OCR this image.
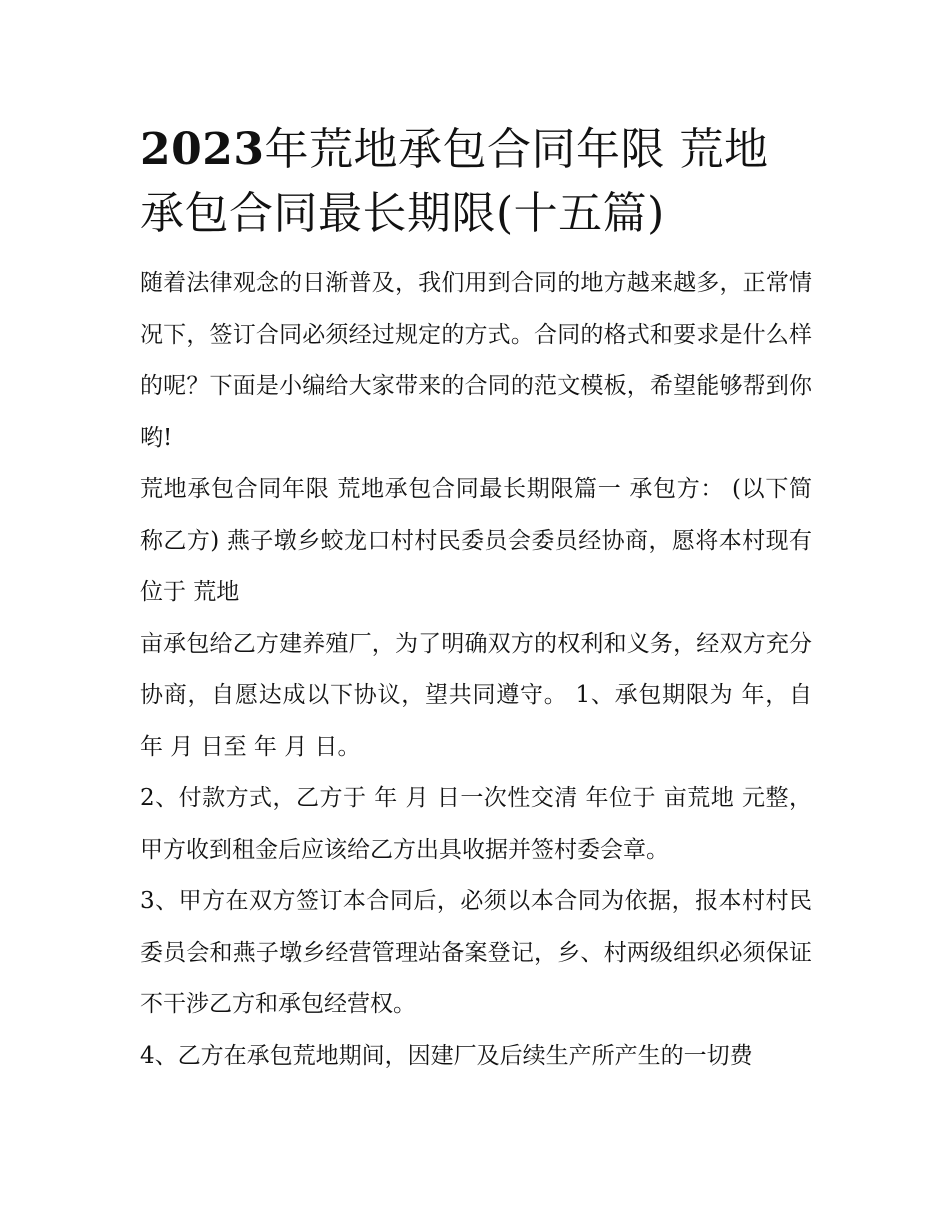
2023年荒地承包合同年限 荒地承包合同最长期限(十五篇)

随着法律观念的日渐普及，我们用到合同的地方越来越多，正常情况下，签订合同必须经过规定的方式。合同的格式和要求是什么样的呢？下面是小编给大家带来的合同的范文模板，希望能够帮到你哟!

荒地承包合同年限 荒地承包合同最长期限篇一 承包方： (以下简称乙方) 燕子墩乡蛟龙口村村民委员会委员经协商，愿将本村现有位于 荒地

亩承包给乙方建养殖厂，为了明确双方的权利和义务，经双方充分协商，自愿达成以下协议，望共同遵守。 1、承包期限为 年，自 年 月 日至 年 月 日。

2、付款方式，乙方于 年 月 日一次性交清 年位于 亩荒地 元整，甲方收到租金后应该给乙方出具收据并签村委会章。

3、甲方在双方签订本合同后，必须以本合同为依据，报本村村民委员会和燕子墩乡经营管理站备案登记，乡、村两级组织必须保证不干涉乙方和承包经营权。

4、乙方在承包荒地期间，因建厂及后续生产所产生的一切费
